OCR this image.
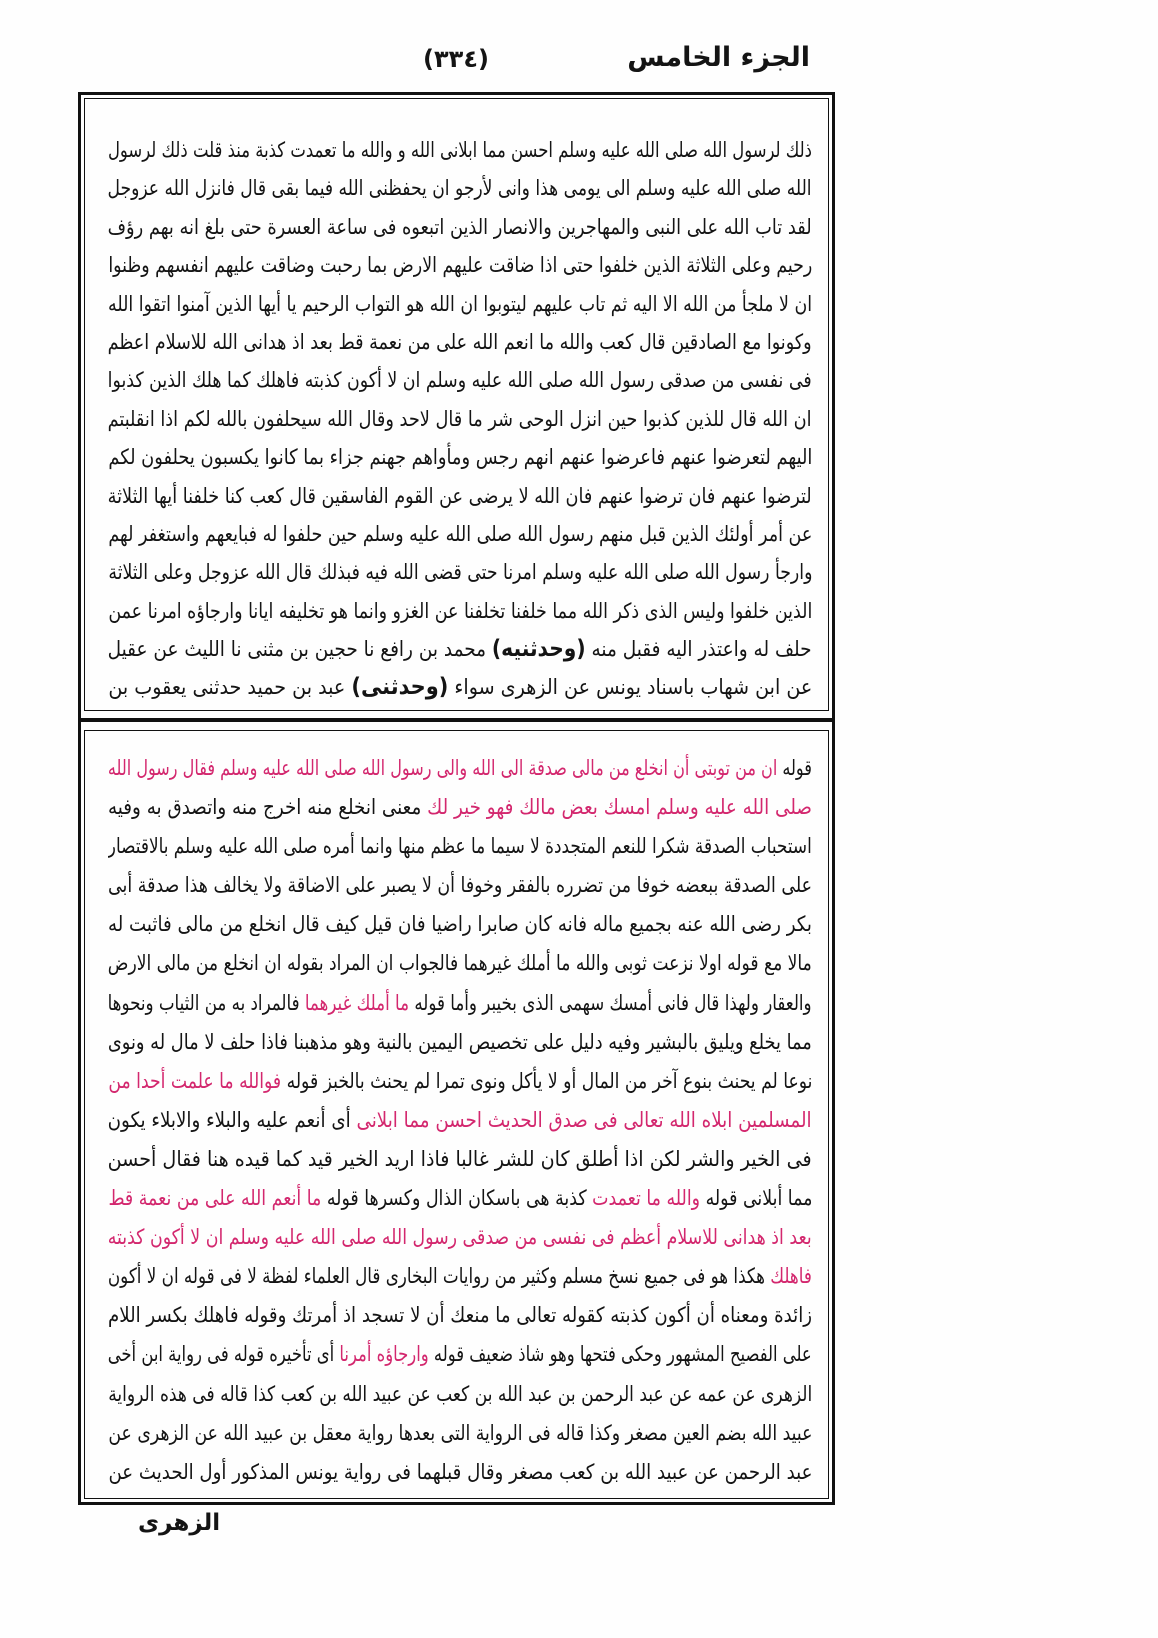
الجزء الخامس
(٣٣٤)
ذلك لرسول الله صلى الله عليه وسلم احسن مما ابلانى الله و والله ما تعمدت كذبة منذ قلت ذلك لرسول
الله صلى الله عليه وسلم الى يومى هذا وانى لأرجو ان يحفظنى الله فيما بقى قال فانزل الله عزوجل
لقد تاب الله على النبى والمهاجرين والانصار الذين اتبعوه فى ساعة العسرة حتى بلغ انه بهم رؤف
رحيم وعلى الثلاثة الذين خلفوا حتى اذا ضاقت عليهم الارض بما رحبت وضاقت عليهم انفسهم وظنوا
ان لا ملجأ من الله الا اليه ثم تاب عليهم ليتوبوا ان الله هو التواب الرحيم يا أيها الذين آمنوا اتقوا الله
وكونوا مع الصادقين قال كعب والله ما انعم الله على من نعمة قط بعد اذ هدانى الله للاسلام اعظم
فى نفسى من صدقى رسول الله صلى الله عليه وسلم ان لا أكون كذبته فاهلك كما هلك الذين كذبوا
ان الله قال للذين كذبوا حين انزل الوحى شر ما قال لاحد وقال الله سيحلفون بالله لكم اذا انقلبتم
اليهم لتعرضوا عنهم فاعرضوا عنهم انهم رجس ومأواهم جهنم جزاء بما كانوا يكسبون يحلفون لكم
لترضوا عنهم فان ترضوا عنهم فان الله لا يرضى عن القوم الفاسقين قال كعب كنا خلفنا أيها الثلاثة
عن أمر أولئك الذين قبل منهم رسول الله صلى الله عليه وسلم حين حلفوا له فبايعهم واستغفر لهم
وارجأ رسول الله صلى الله عليه وسلم امرنا حتى قضى الله فيه فبذلك قال الله عزوجل وعلى الثلاثة
الذين خلفوا وليس الذى ذكر الله مما خلفنا تخلفنا عن الغزو وانما هو تخليفه ايانا وارجاؤه امرنا عمن
حلف له واعتذر اليه فقبل منه (وحدثنيه) محمد بن رافع نا حجين بن مثنى نا الليث عن عقيل
عن ابن شهاب باسناد يونس عن الزهرى سواء (وحدثنى) عبد بن حميد حدثنى يعقوب بن
قوله ان من توبتى أن انخلع من مالى صدقة الى الله والى رسول الله صلى الله عليه وسلم فقال رسول الله
صلى الله عليه وسلم امسك بعض مالك فهو خير لك معنى انخلع منه اخرج منه واتصدق به وفيه
استحباب الصدقة شكرا للنعم المتجددة لا سيما ما عظم منها وانما أمره صلى الله عليه وسلم بالاقتصار
على الصدقة ببعضه خوفا من تضرره بالفقر وخوفا أن لا يصبر على الاضاقة ولا يخالف هذا صدقة أبى
بكر رضى الله عنه بجميع ماله فانه كان صابرا راضيا فان قيل كيف قال انخلع من مالى فاثبت له
مالا مع قوله اولا نزعت ثوبى والله ما أملك غيرهما فالجواب ان المراد بقوله ان انخلع من مالى الارض
والعقار ولهذا قال فانى أمسك سهمى الذى بخيبر وأما قوله ما أملك غيرهما فالمراد به من الثياب ونحوها
مما يخلع ويليق بالبشير وفيه دليل على تخصيص اليمين بالنية وهو مذهبنا فاذا حلف لا مال له ونوى
نوعا لم يحنث بنوع آخر من المال أو لا يأكل ونوى تمرا لم يحنث بالخبز قوله فوالله ما علمت أحدا من
المسلمين ابلاه الله تعالى فى صدق الحديث احسن مما ابلانى أى أنعم عليه والبلاء والابلاء يكون
فى الخير والشر لكن اذا أطلق كان للشر غالبا فاذا اريد الخير قيد كما قيده هنا فقال أحسن
مما أبلانى قوله والله ما تعمدت كذبة هى باسكان الذال وكسرها قوله ما أنعم الله على من نعمة قط
بعد اذ هدانى للاسلام أعظم فى نفسى من صدقى رسول الله صلى الله عليه وسلم ان لا أكون كذبته
فاهلك هكذا هو فى جميع نسخ مسلم وكثير من روايات البخارى قال العلماء لفظة لا فى قوله ان لا أكون
زائدة ومعناه أن أكون كذبته كقوله تعالى ما منعك أن لا تسجد اذ أمرتك وقوله فاهلك بكسر اللام
على الفصيح المشهور وحكى فتحها وهو شاذ ضعيف قوله وارجاؤه أمرنا أى تأخيره قوله فى رواية ابن أخى
الزهرى عن عمه عن عبد الرحمن بن عبد الله بن كعب عن عبيد الله بن كعب كذا قاله فى هذه الرواية
عبيد الله بضم العين مصغر وكذا قاله فى الرواية التى بعدها رواية معقل بن عبيد الله عن الزهرى عن
عبد الرحمن عن عبيد الله بن كعب مصغر وقال قبلهما فى رواية يونس المذكور أول الحديث عن
الزهرى
